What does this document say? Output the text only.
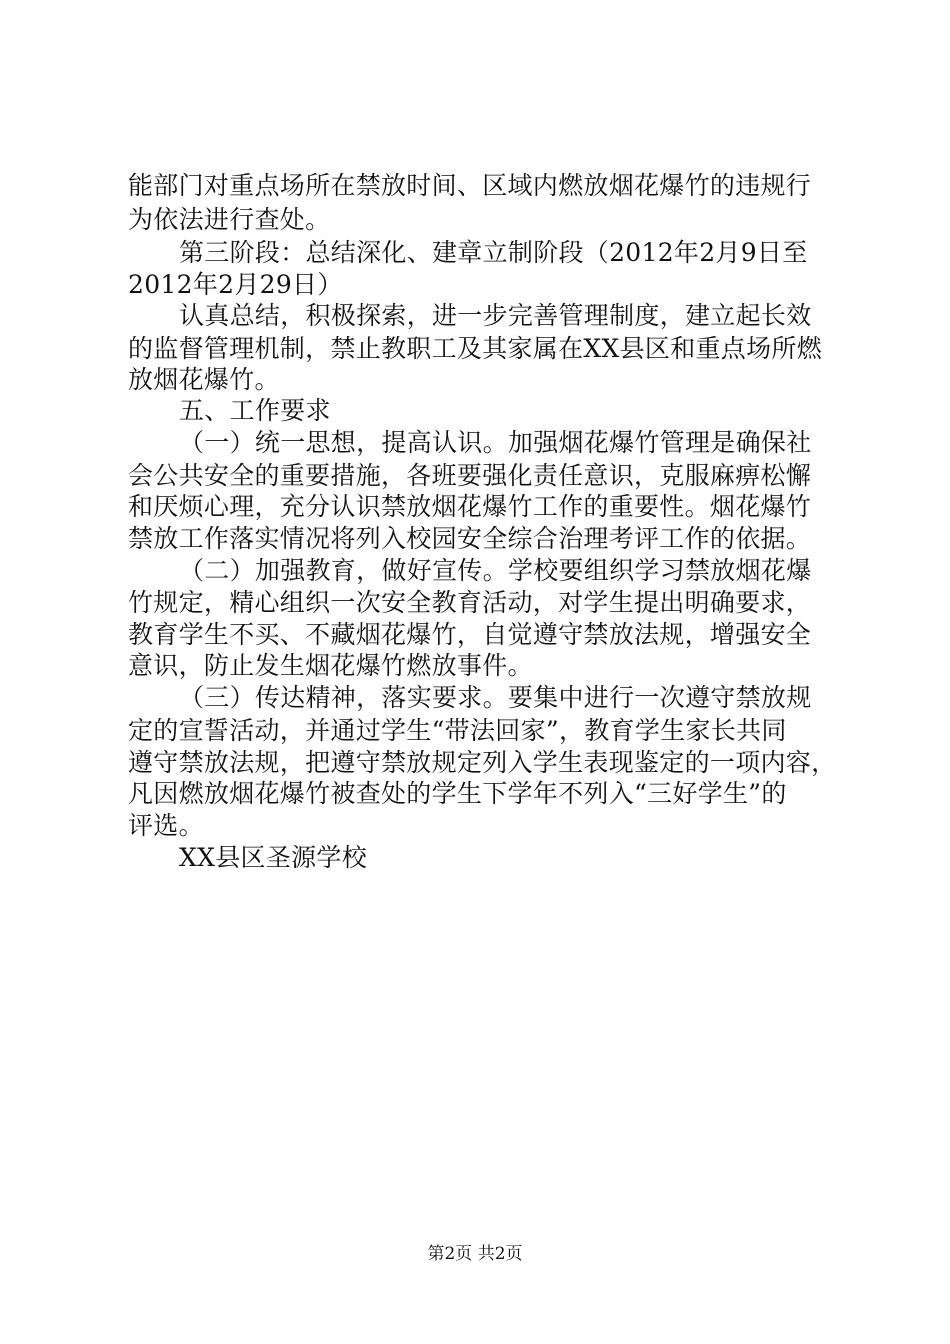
能部门对重点场所在禁放时间、区域内燃放烟花爆竹的违规行
为依法进行查处。
第三阶段：总结深化、建章立制阶段（2012年2月9日至
2012年2月29日）
认真总结，积极探索，进一步完善管理制度，建立起长效
的监督管理机制，禁止教职工及其家属在XX县区和重点场所燃
放烟花爆竹。
五、工作要求
（一）统一思想，提高认识。加强烟花爆竹管理是确保社
会公共安全的重要措施，各班要强化责任意识，克服麻痹松懈
和厌烦心理，充分认识禁放烟花爆竹工作的重要性。烟花爆竹
禁放工作落实情况将列入校园安全综合治理考评工作的依据。
（二）加强教育，做好宣传。学校要组织学习禁放烟花爆
竹规定，精心组织一次安全教育活动，对学生提出明确要求，
教育学生不买、不藏烟花爆竹，自觉遵守禁放法规，增强安全
意识，防止发生烟花爆竹燃放事件。
（三）传达精神，落实要求。要集中进行一次遵守禁放规
定的宣誓活动，并通过学生“带法回家”，教育学生家长共同
遵守禁放法规，把遵守禁放规定列入学生表现鉴定的一项内容，
凡因燃放烟花爆竹被查处的学生下学年不列入“三好学生”的
评选。
XX县区圣源学校
第2页 共2页
